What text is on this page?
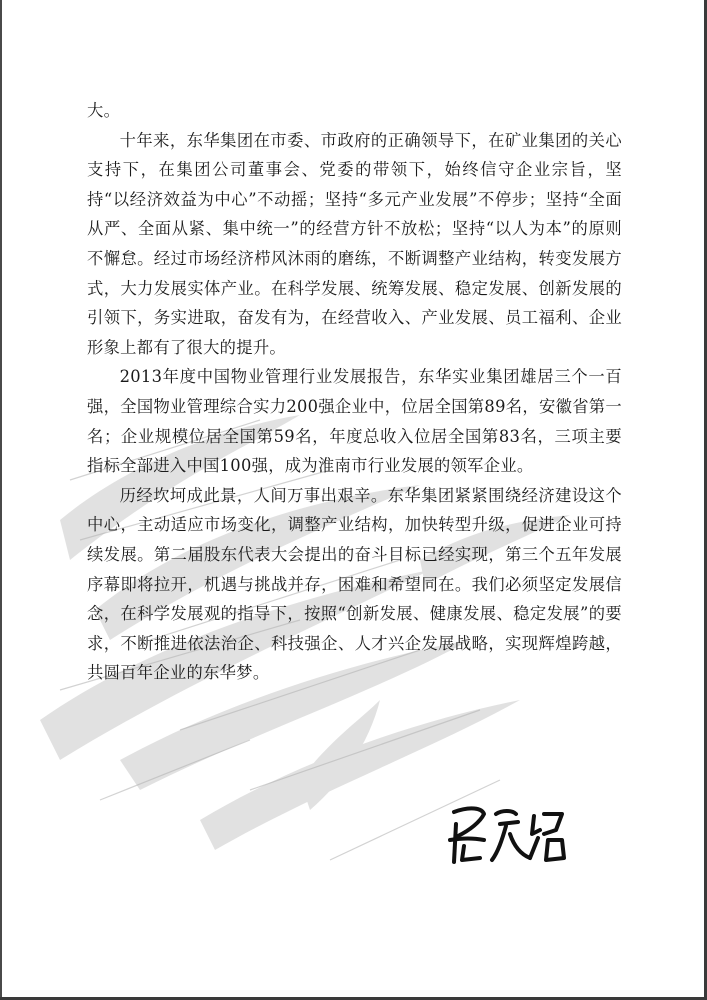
大。

十年来，东华集团在市委、市政府的正确领导下，在矿业集团的关心支持下，在集团公司董事会、党委的带领下，始终信守企业宗旨，坚持“以经济效益为中心”不动摇；坚持“多元产业发展”不停步；坚持“全面从严、全面从紧、集中统一”的经营方针不放松；坚持“以人为本”的原则不懈怠。经过市场经济栉风沐雨的磨练，不断调整产业结构，转变发展方式，大力发展实体产业。在科学发展、统筹发展、稳定发展、创新发展的引领下，务实进取，奋发有为，在经营收入、产业发展、员工福利、企业形象上都有了很大的提升。

2013年度中国物业管理行业发展报告，东华实业集团雄居三个一百强，全国物业管理综合实力200强企业中，位居全国第89名，安徽省第一名；企业规模位居全国第59名，年度总收入位居全国第83名，三项主要指标全部进入中国100强，成为淮南市行业发展的领军企业。

历经坎坷成此景，人间万事出艰辛。东华集团紧紧围绕经济建设这个中心，主动适应市场变化，调整产业结构，加快转型升级，促进企业可持续发展。第二届股东代表大会提出的奋斗目标已经实现，第三个五年发展序幕即将拉开，机遇与挑战并存，困难和希望同在。我们必须坚定发展信念，在科学发展观的指导下，按照“创新发展、健康发展、稳定发展”的要求，不断推进依法治企、科技强企、人才兴企发展战略，实现辉煌跨越，共圆百年企业的东华梦。
